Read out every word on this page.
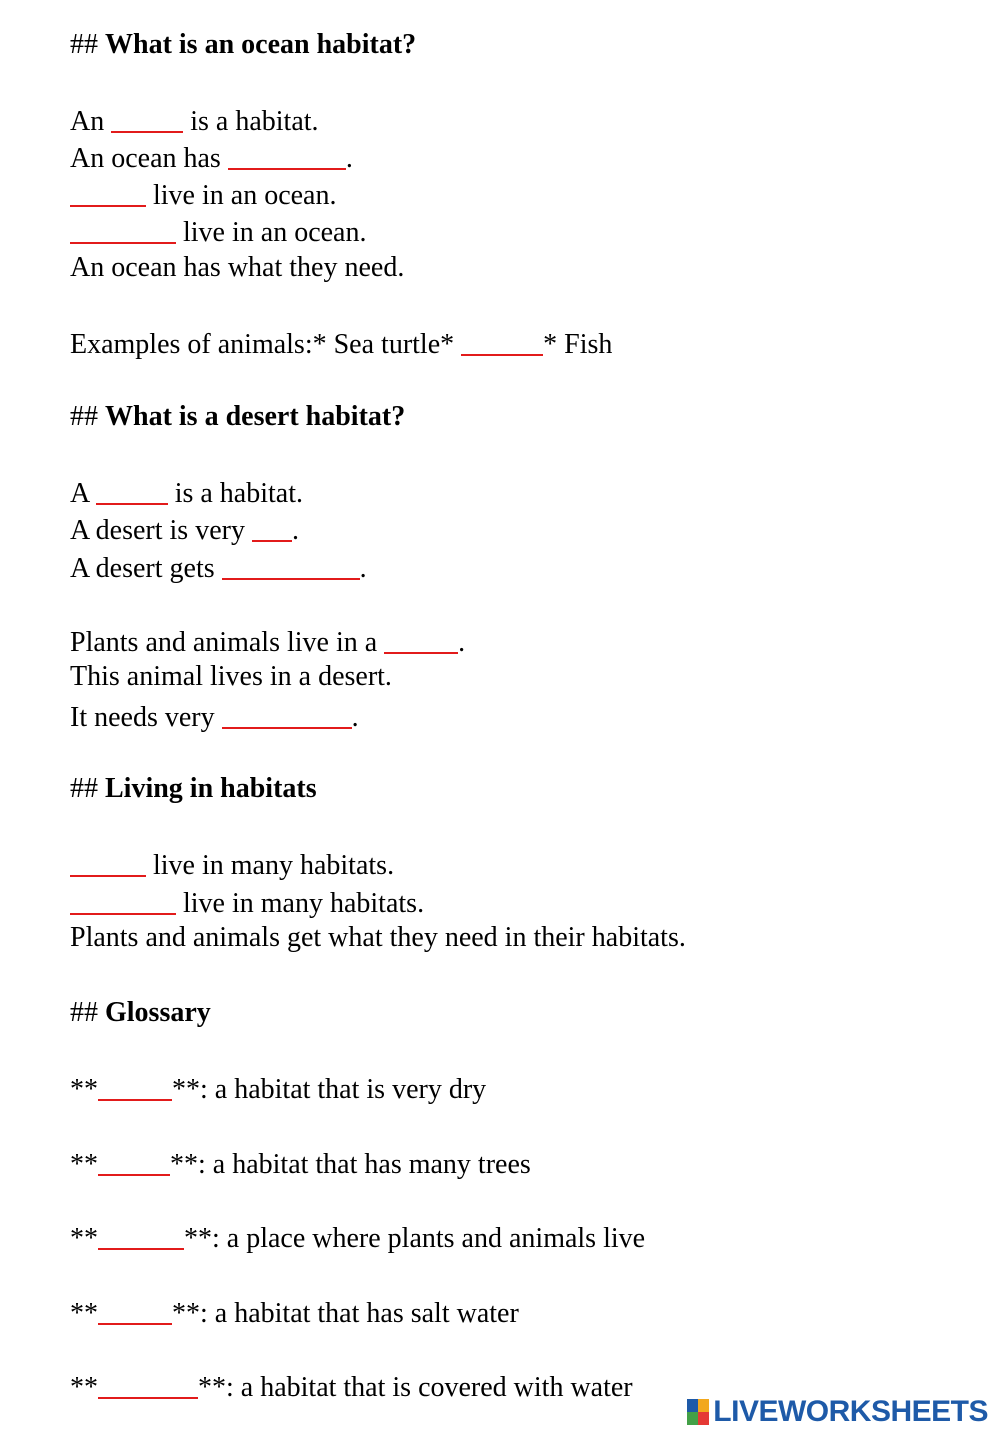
## What is an ocean habitat?
An	is a habitat.
An ocean has	.
live in an ocean.
live in an ocean.
An ocean has what they need.
Examples of animals:* Sea turtle*	* Fish
## What is a desert habitat?
A	is a habitat.
A desert is very .
A desert gets	.
Plants and animals live in a	.
This animal lives in a desert.
It needs very	.
## Living in habitats
live in many habitats.
live in many habitats.
Plants and animals get what they need in their habitats.
## Glossary
**	**: a habitat that is very dry
**	**: a habitat that has many trees
**	**: a place where plants and animals live
**	**: a habitat that has salt water
**	**: a habitat that is covered with water
LIVEWORKSHEETS
